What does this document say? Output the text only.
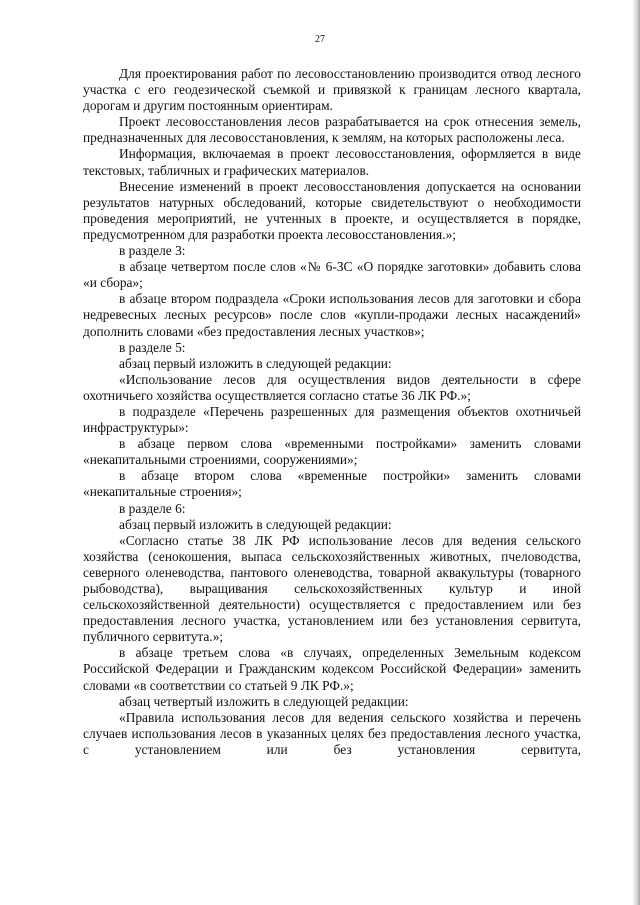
27

Для проектирования работ по лесовосстановлению производится отвод лесного участка с его геодезической съемкой и привязкой к границам лесного квартала, дорогам и другим постоянным ориентирам.

Проект лесовосстановления лесов разрабатывается на срок отнесения земель, предназначенных для лесовосстановления, к землям, на которых расположены леса.

Информация, включаемая в проект лесовосстановления, оформляется в виде текстовых, табличных и графических материалов.

Внесение изменений в проект лесовосстановления допускается на основании результатов натурных обследований, которые свидетельствуют о необходимости проведения мероприятий, не учтенных в проекте, и осуществляется в порядке, предусмотренном для разработки проекта лесовосстановления.»;

в разделе 3:

в абзаце четвертом после слов «№ 6-ЗС «О порядке заготовки» добавить слова «и сбора»;

в абзаце втором подраздела «Сроки использования лесов для заготовки и сбора недревесных лесных ресурсов» после слов «купли-продажи лесных насаждений» дополнить словами «без предоставления лесных участков»;

в разделе 5:

абзац первый изложить в следующей редакции:

«Использование лесов для осуществления видов деятельности в сфере охотничьего хозяйства осуществляется согласно статье 36 ЛК РФ.»;

в подразделе «Перечень разрешенных для размещения объектов охотничьей инфраструктуры»:

в абзаце первом слова «временными постройками» заменить словами «некапитальными строениями, сооружениями»;

в абзаце втором слова «временные постройки» заменить словами «некапитальные строения»;

в разделе 6:

абзац первый изложить в следующей редакции:

«Согласно статье 38 ЛК РФ использование лесов для ведения сельского хозяйства (сенокошения, выпаса сельскохозяйственных животных, пчеловодства, северного оленеводства, пантового оленеводства, товарной аквакультуры (товарного рыбоводства), выращивания сельскохозяйственных культур и иной сельскохозяйственной деятельности) осуществляется с предоставлением или без предоставления лесного участка, установлением или без установления сервитута, публичного сервитута.»;

в абзаце третьем слова «в случаях, определенных Земельным кодексом Российской Федерации и Гражданским кодексом Российской Федерации» заменить словами «в соответствии со статьей 9 ЛК РФ.»;

абзац четвертый изложить в следующей редакции:

«Правила использования лесов для ведения сельского хозяйства и перечень случаев использования лесов в указанных целях без предоставления лесного участка, с установлением или без установления сервитута,
